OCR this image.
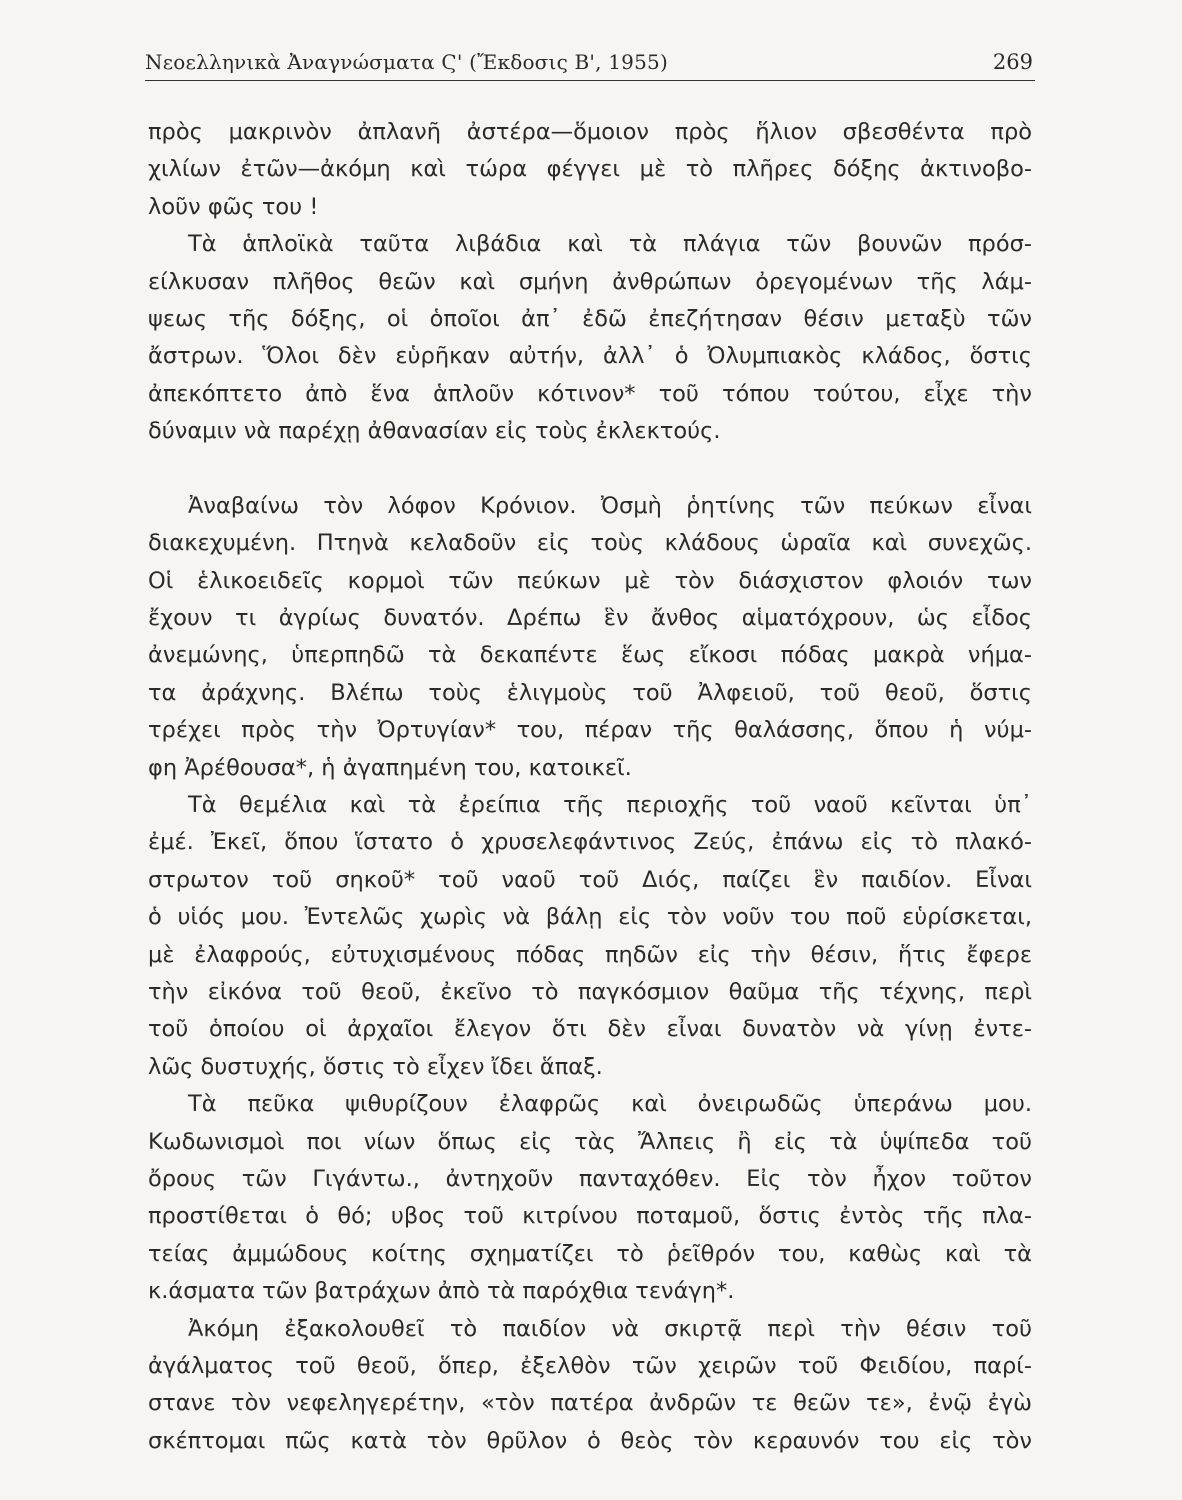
Νεοελληνικὰ Ἀναγνώσματα Ϛ' (Ἔκδοσις Β', 1955)	269
πρὸς μακρινὸν ἀπλανῆ ἀστέρα—ὅμοιον πρὸς ἥλιον σβεσθέντα πρὸ
χιλίων ἐτῶν—ἀκόμη καὶ τώρα φέγγει μὲ τὸ πλῆρες δόξης ἀκτινοβο-
λοῦν φῶς του !
Τὰ ἁπλοϊκὰ ταῦτα λιβάδια καὶ τὰ πλάγια τῶν βουνῶν πρόσ-
είλκυσαν πλῆθος θεῶν καὶ σμήνη ἀνθρώπων ὀρεγομένων τῆς λάμ-
ψεως τῆς δόξης, οἱ ὁποῖοι ἀπ᾽ ἐδῶ ἐπεζήτησαν θέσιν μεταξὺ τῶν
ἄστρων. Ὅλοι δὲν εὑρῆκαν αὐτήν, ἀλλ᾽ ὁ Ὀλυμπιακὸς κλάδος, ὅστις
ἀπεκόπτετο ἀπὸ ἕνα ἁπλοῦν κότινον* τοῦ τόπου τούτου, εἶχε τὴν
δύναμιν νὰ παρέχῃ ἀθανασίαν εἰς τοὺς ἐκλεκτούς.
Ἀναβαίνω τὸν λόφον Κρόνιον. Ὀσμὴ ῥητίνης τῶν πεύκων εἶναι
διακεχυμένη. Πτηνὰ κελαδοῦν εἰς τοὺς κλάδους ὡραῖα καὶ συνεχῶς.
Οἱ ἑλικοειδεῖς κορμοὶ τῶν πεύκων μὲ τὸν διάσχιστον φλοιόν των
ἔχουν τι ἀγρίως δυνατόν. Δρέπω ἓν ἄνθος αἱματόχρουν, ὡς εἶδος
ἀνεμώνης, ὑπερπηδῶ τὰ δεκαπέντε ἕως εἴκοσι πόδας μακρὰ νήμα-
τα ἀράχνης. Βλέπω τοὺς ἑλιγμοὺς τοῦ Ἀλφειοῦ, τοῦ θεοῦ, ὅστις
τρέχει πρὸς τὴν Ὀρτυγίαν* του, πέραν τῆς θαλάσσης, ὅπου ἡ νύμ-
φη Ἀρέθουσα*, ἡ ἀγαπημένη του, κατοικεῖ.
Τὰ θεμέλια καὶ τὰ ἐρείπια τῆς περιοχῆς τοῦ ναοῦ κεῖνται ὑπ᾽
ἐμέ. Ἐκεῖ, ὅπου ἵστατο ὁ χρυσελεφάντινος Ζεύς, ἐπάνω εἰς τὸ πλακό-
στρωτον τοῦ σηκοῦ* τοῦ ναοῦ τοῦ Διός, παίζει ἓν παιδίον. Εἶναι
ὁ υἱός μου. Ἐντελῶς χωρὶς νὰ βάλῃ εἰς τὸν νοῦν του ποῦ εὑρίσκεται,
μὲ ἐλαφρούς, εὐτυχισμένους πόδας πηδῶν εἰς τὴν θέσιν, ἥτις ἔφερε
τὴν εἰκόνα τοῦ θεοῦ, ἐκεῖνο τὸ παγκόσμιον θαῦμα τῆς τέχνης, περὶ
τοῦ ὁποίου οἱ ἀρχαῖοι ἔλεγον ὅτι δὲν εἶναι δυνατὸν νὰ γίνῃ ἐντε-
λῶς δυστυχής, ὅστις τὸ εἶχεν ἴδει ἅπαξ.
Τὰ πεῦκα ψιθυρίζουν ἐλαφρῶς καὶ ὀνειρωδῶς ὑπεράνω μου.
Κωδωνισμοὶ ποι νίων ὅπως εἰς τὰς Ἄλπεις ἢ εἰς τὰ ὑψίπεδα τοῦ
ὄρους τῶν Γιγάντω., ἀντηχοῦν πανταχόθεν. Εἰς τὸν ἦχον τοῦτον
προστίθεται ὁ θό; υβος τοῦ κιτρίνου ποταμοῦ, ὅστις ἐντὸς τῆς πλα-
τείας ἀμμώδους κοίτης σχηματίζει τὸ ῥεῖθρόν του, καθὼς καὶ τὰ
κ.άσματα τῶν βατράχων ἀπὸ τὰ παρόχθια τενάγη*.
Ἀκόμη ἐξακολουθεῖ τὸ παιδίον νὰ σκιρτᾷ περὶ τὴν θέσιν τοῦ
ἀγάλματος τοῦ θεοῦ, ὅπερ, ἐξελθὸν τῶν χειρῶν τοῦ Φειδίου, παρί-
στανε τὸν νεφεληγερέτην, «τὸν πατέρα ἀνδρῶν τε θεῶν τε», ἐνῷ ἐγὼ
σκέπτομαι πῶς κατὰ τὸν θρῦλον ὁ θεὸς τὸν κεραυνόν του εἰς τὸν
